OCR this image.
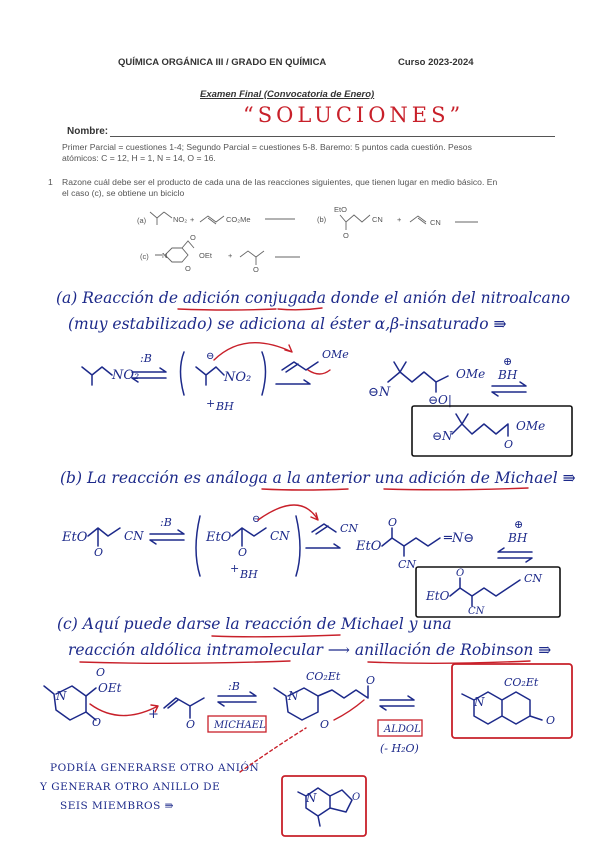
QUÍMICA ORGÁNICA III / GRADO EN QUÍMICA	Curso 2023-2024
Examen Final (Convocatoria de Enero)
“SOLUCIONES”
Nombre:
Primer Parcial = cuestiones 1-4; Segundo Parcial = cuestiones 5-8. Baremo: 5 puntos cada cuestión. Pesos
atómicos: C = 12, H = 1, N = 14, O = 16.
1 Razone cuál debe ser el producto de cada una de las reacciones siguientes, que tienen lugar en medio básico. En
el caso (c), se obtiene un biciclo
(a) Reacción de adición conjugada donde el anión del nitroalcano
(muy estabilizado) se adiciona al éster α,β-insaturado ⇛
(b) La reacción es análoga a la anterior una adición de Michael ⇛
(c) Aquí puede darse la reacción de Michael y una
reacción aldólica intramolecular ⟶ anillación de Robinson ⇛
PODRÍA GENERARSE OTRO ANIÓN
Y GENERAR OTRO ANILLO DE
SEIS MIEMBROS ⇛
(a)	NO₂ +	CO₂Me	(b)
EtO
CN
O
+	CN
(c) N	OEt
O
O
+
O
NO₂
:B
NO₂
⊖
+ BH
OMe
⊖N
OMe
⊖O|
⊕
BH
⊖N
OMe
O
EtO
O
CN
:B
EtO
O
⊖
CN
+ BH
CN
EtO
O
CN
═N⊖
⊕
BH
EtO
O
CN
CN
N
OEt
O
O
+
O
:B
MICHAEL
N
CO₂Et O
O	ALDOL
(- H₂O)
N
CO₂Et
O
N	O
